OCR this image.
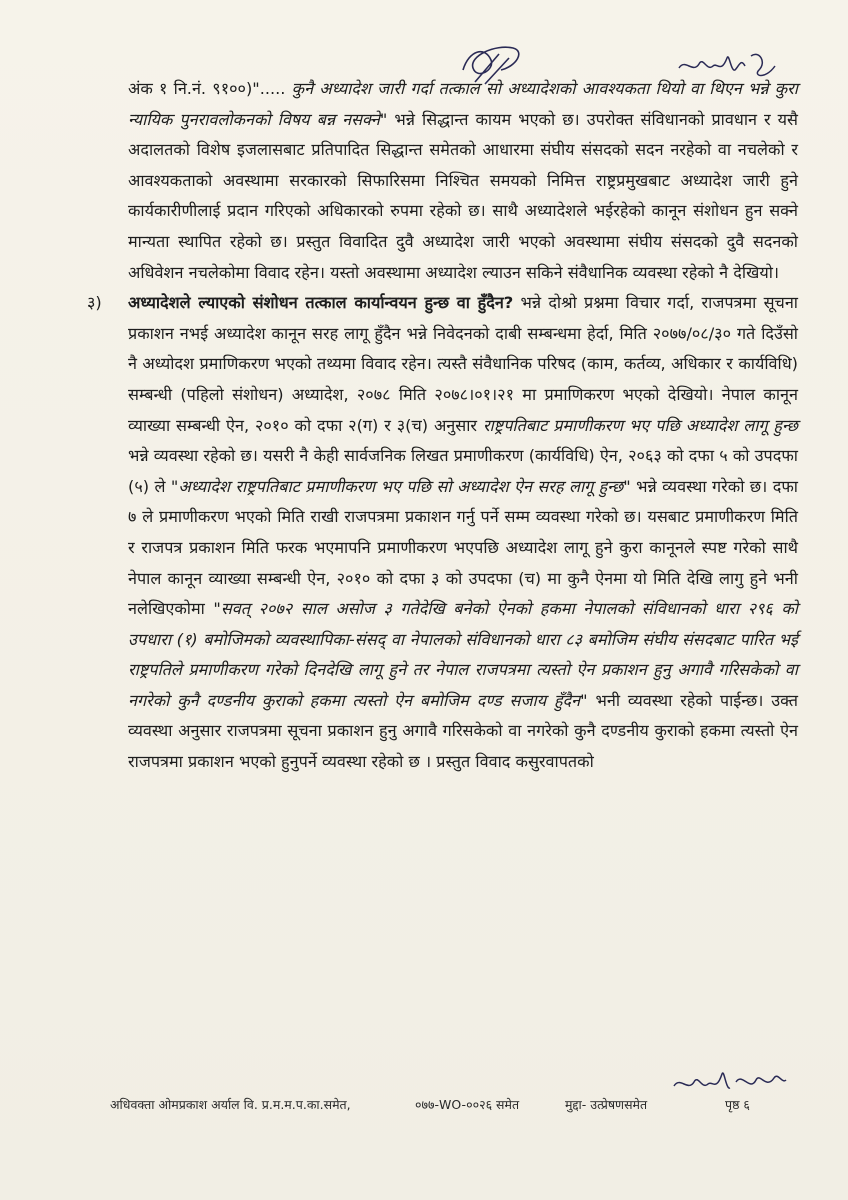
अंक १ नि.नं. ९१००)"..... कुनै अध्यादेश जारी गर्दा तत्काल सो अध्यादेशको आवश्यकता थियो वा थिएन भन्ने कुरा न्यायिक पुनरावलोकनको विषय बन्न नसक्ने" भन्ने सिद्धान्त कायम भएको छ। उपरोक्त संविधानको प्रावधान र यसै अदालतको विशेष इजलासबाट प्रतिपादित सिद्धान्त समेतको आधारमा संघीय संसदको सदन नरहेको वा नचलेको र आवश्यकताको अवस्थामा सरकारको सिफारिसमा निश्चित समयको निमित्त राष्ट्रप्रमुखबाट अध्यादेश जारी हुने कार्यकारीणीलाई प्रदान गरिएको अधिकारको रुपमा रहेको छ। साथै अध्यादेशले भईरहेको कानून संशोधन हुन सक्ने मान्यता स्थापित रहेको छ। प्रस्तुत विवादित दुवै अध्यादेश जारी भएको अवस्थामा संघीय संसदको दुवै सदनको अधिवेशन नचलेकोमा विवाद रहेन। यस्तो अवस्थामा अध्यादेश ल्याउन सकिने संवैधानिक व्यवस्था रहेको नै देखियो।

३) अध्यादेशले ल्याएको संशोधन तत्काल कार्यान्वयन हुन्छ वा हुँदैन? भन्ने दोश्रो प्रश्नमा विचार गर्दा, राजपत्रमा सूचना प्रकाशन नभई अध्यादेश कानून सरह लागू हुँदैन भन्ने निवेदनको दाबी सम्बन्धमा हेर्दा, मिति २०७७/०८/३० गते दिउँसो नै अध्योदश प्रमाणिकरण भएको तथ्यमा विवाद रहेन। त्यस्तै संवैधानिक परिषद (काम, कर्तव्य, अधिकार र कार्यविधि) सम्बन्धी (पहिलो संशोधन) अध्यादेश, २०७८ मिति २०७८।०१।२१ मा प्रमाणिकरण भएको देखियो। नेपाल कानून व्याख्या सम्बन्धी ऐन, २०१० को दफा २(ग) र ३(च) अनुसार राष्ट्रपतिबाट प्रमाणीकरण भए पछि अध्यादेश लागू हुन्छ भन्ने व्यवस्था रहेको छ। यसरी नै केही सार्वजनिक लिखत प्रमाणीकरण (कार्यविधि) ऐन, २०६३ को दफा ५ को उपदफा (५) ले "अध्यादेश राष्ट्रपतिबाट प्रमाणीकरण भए पछि सो अध्यादेश ऐन सरह लागू हुन्छ" भन्ने व्यवस्था गरेको छ। दफा ७ ले प्रमाणीकरण भएको मिति राखी राजपत्रमा प्रकाशन गर्नु पर्ने सम्म व्यवस्था गरेको छ। यसबाट प्रमाणीकरण मिति र राजपत्र प्रकाशन मिति फरक भएमापनि प्रमाणीकरण भएपछि अध्यादेश लागू हुने कुरा कानूनले स्पष्ट गरेको साथै नेपाल कानून व्याख्या सम्बन्धी ऐन, २०१० को दफा ३ को उपदफा (च) मा कुनै ऐनमा यो मिति देखि लागु हुने भनी नलेखिएकोमा "सवत् २०७२ साल असोज ३ गतेदेखि बनेको ऐनको हकमा नेपालको संविधानको धारा २९६ को उपधारा (१) बमोजिमको व्यवस्थापिका-संसद् वा नेपालको संविधानको धारा ८३ बमोजिम संघीय संसदबाट पारित भई राष्ट्रपतिले प्रमाणीकरण गरेको दिनदेखि लागू हुने तर नेपाल राजपत्रमा त्यस्तो ऐन प्रकाशन हुनु अगावै गरिसकेको वा नगरेको कुनै दण्डनीय कुराको हकमा त्यस्तो ऐन बमोजिम दण्ड सजाय हुँदैन" भनी व्यवस्था रहेको पाईन्छ। उक्त व्यवस्था अनुसार राजपत्रमा सूचना प्रकाशन हुनु अगावै गरिसकेको वा नगरेको कुनै दण्डनीय कुराको हकमा त्यस्तो ऐन राजपत्रमा प्रकाशन भएको हुनुपर्ने व्यवस्था रहेको छ । प्रस्तुत विवाद कसुरवापतको

अधिवक्ता ओमप्रकाश अर्याल वि. प्र.म.म.प.का.समेत,	०७७-WO-००२६ समेत	मुद्दा- उत्प्रेषणसमेत	पृष्ठ ६
